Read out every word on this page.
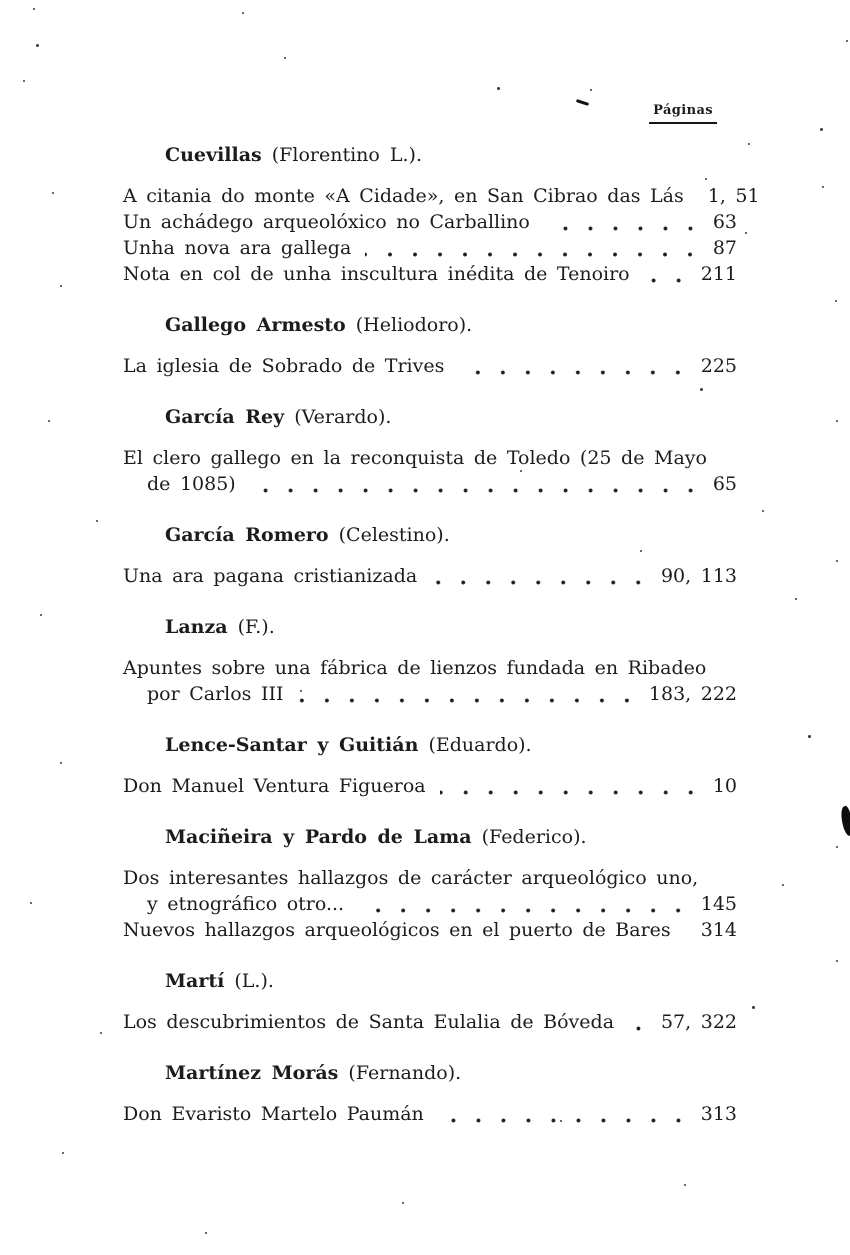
Páginas
Cuevillas (Florentino L.).
A citania do monte «A Cidade», en San Cibrao das Lás 1, 51
Un achádego arqueolóxico no Carballino	63
Unha nova ara gallega	87
Nota en col de unha inscultura inédita de Tenoiro	211
Gallego Armesto (Heliodoro).
La iglesia de Sobrado de Trives	225
García Rey (Verardo).
El clero gallego en la reconquista de Toledo (25 de Mayo
de 1085)	65
García Romero (Celestino).
Una ara pagana cristianizada	90, 113
Lanza (F.).
Apuntes sobre una fábrica de lienzos fundada en Ribadeo
por Carlos III	183, 222
Lence-Santar y Guitián (Eduardo).
Don Manuel Ventura Figueroa	10
Maciñeira y Pardo de Lama (Federico).
Dos interesantes hallazgos de carácter arqueológico uno,
y etnográfico otro...	145
Nuevos hallazgos arqueológicos en el puerto de Bares 314
Martí (L.).
Los descubrimientos de Santa Eulalia de Bóveda 57, 322
Martínez Morás (Fernando).
Don Evaristo Martelo Paumán	313
